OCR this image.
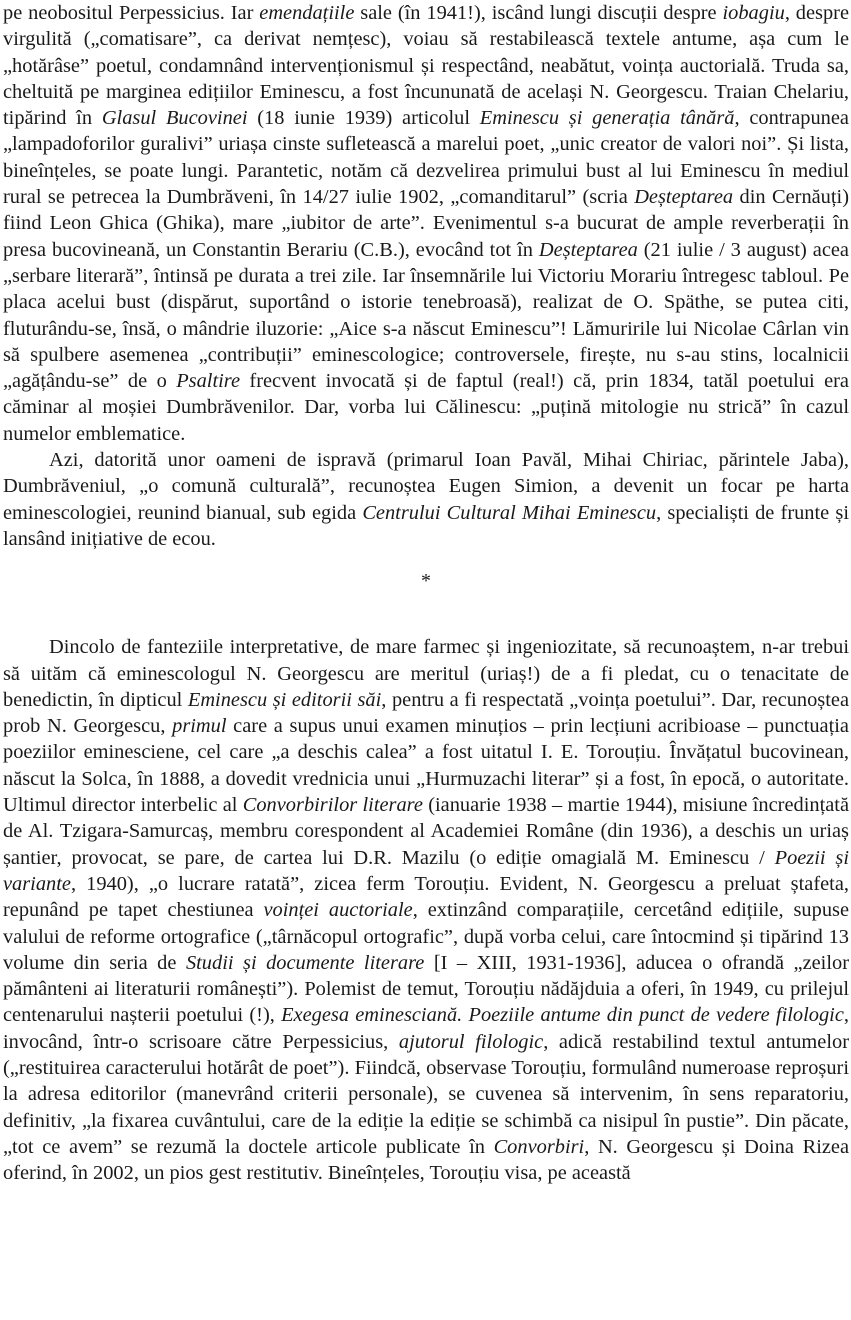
pe neobositul Perpessicius. Iar emendațiile sale (în 1941!), iscând lungi discuții despre iobagiu, despre virgulită („comatisare”, ca derivat nemțesc), voiau să restabilească textele antume, așa cum le „hotărâse” poetul, condamnând intervenționismul și respectând, neabătut, voința auctorială. Truda sa, cheltuită pe marginea edițiilor Eminescu, a fost încununată de același N. Georgescu. Traian Chelariu, tipărind în Glasul Bucovinei (18 iunie 1939) articolul Eminescu și generația tânără, contrapunea „lampadoforilor guralivi” uriașa cinste sufletească a marelui poet, „unic creator de valori noi”. Și lista, bineînțeles, se poate lungi. Parantetic, notăm că dezvelirea primului bust al lui Eminescu în mediul rural se petrecea la Dumbrăveni, în 14/27 iulie 1902, „comanditarul” (scria Deșteptarea din Cernăuți) fiind Leon Ghica (Ghika), mare „iubitor de arte”. Evenimentul s-a bucurat de ample reverberații în presa bucovineană, un Constantin Berariu (C.B.), evocând tot în Deșteptarea (21 iulie / 3 august) acea „serbare literară”, întinsă pe durata a trei zile. Iar însemnările lui Victoriu Morariu întregesc tabloul. Pe placa acelui bust (dispărut, suportând o istorie tenebroasă), realizat de O. Späthe, se putea citi, fluturându-se, însă, o mândrie iluzorie: „Aice s-a născut Eminescu”! Lămuririle lui Nicolae Cârlan vin să spulbere asemenea „contribuții” eminescologice; controversele, firește, nu s-au stins, localnicii „agățându-se” de o Psaltire frecvent invocată și de faptul (real!) că, prin 1834, tatăl poetului era căminar al moșiei Dumbrăvenilor. Dar, vorba lui Călinescu: „puțină mitologie nu strică” în cazul numelor emblematice.

Azi, datorită unor oameni de ispravă (primarul Ioan Pavăl, Mihai Chiriac, părintele Jaba), Dumbrăveniul, „o comună culturală”, recunoștea Eugen Simion, a devenit un focar pe harta eminescologiei, reunind bianual, sub egida Centrului Cultural Mihai Eminescu, specialiști de frunte și lansând inițiative de ecou.

*

Dincolo de fanteziile interpretative, de mare farmec și ingeniozitate, să recunoaștem, n-ar trebui să uităm că eminescologul N. Georgescu are meritul (uriaș!) de a fi pledat, cu o tenacitate de benedictin, în dipticul Eminescu și editorii săi, pentru a fi respectată „voința poetului”. Dar, recunoștea prob N. Georgescu, primul care a supus unui examen minuțios – prin lecțiuni acribioase – punctuația poeziilor eminesciene, cel care „a deschis calea” a fost uitatul I. E. Torouțiu. Învățatul bucovinean, născut la Solca, în 1888, a dovedit vrednicia unui „Hurmuzachi literar” și a fost, în epocă, o autoritate. Ultimul director interbelic al Convorbirilor literare (ianuarie 1938 – martie 1944), misiune încredințată de Al. Tzigara-Samurcaș, membru corespondent al Academiei Române (din 1936), a deschis un uriaș șantier, provocat, se pare, de cartea lui D.R. Mazilu (o ediție omagială M. Eminescu / Poezii și variante, 1940), „o lucrare ratată”, zicea ferm Torouțiu. Evident, N. Georgescu a preluat ștafeta, repunând pe tapet chestiunea voinței auctoriale, extinzând comparațiile, cercetând edițiile, supuse valului de reforme ortografice („târnăcopul ortografic”, după vorba celui, care întocmind și tipărind 13 volume din seria de Studii și documente literare [I – XIII, 1931-1936], aducea o ofrandă „zeilor pământeni ai literaturii românești”). Polemist de temut, Torouțiu nădăjduia a oferi, în 1949, cu prilejul centenarului nașterii poetului (!), Exegesa eminesciană. Poeziile antume din punct de vedere filologic, invocând, într-o scrisoare către Perpessicius, ajutorul filologic, adică restabilind textul antumelor („restituirea caracterului hotărât de poet”). Fiindcă, observase Torouțiu, formulând numeroase reproșuri la adresa editorilor (manevrând criterii personale), se cuvenea să intervenim, în sens reparatoriu, definitiv, „la fixarea cuvântului, care de la ediție la ediție se schimbă ca nisipul în pustie”. Din păcate, „tot ce avem” se rezumă la doctele articole publicate în Convorbiri, N. Georgescu și Doina Rizea oferind, în 2002, un pios gest restitutiv. Bineînțeles, Torouțiu visa, pe această
